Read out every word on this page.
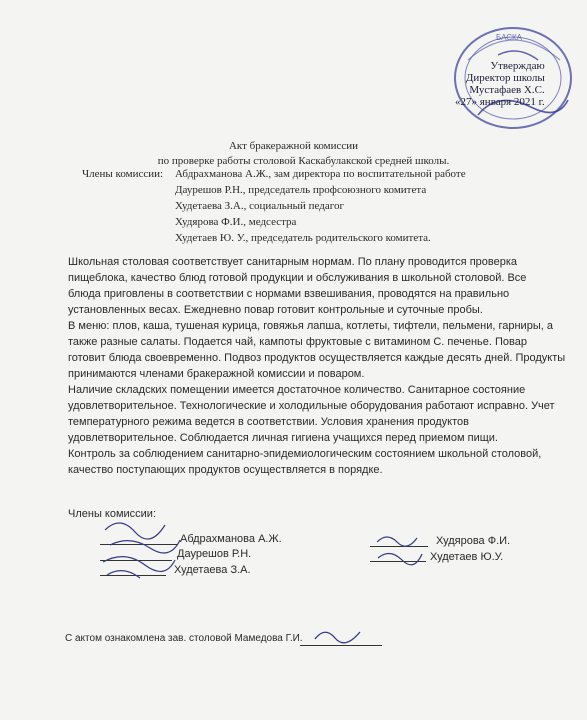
БАСКА
Утверждаю
Директор школы
Мустафаев Х.С.
«27» января 2021 г.
Акт бракеражной комиссии
по проверке работы столовой Каскабулакской средней школы.
Члены комиссии: Абдрахманова А.Ж., зам директора по воспитательной работе
Даурешов Р.Н., председатель профсоюзного комитета
Худетаева З.А., социальный педагог
Худярова Ф.И., медсестра
Худетаев Ю. У., председатель родительского комитета.

Школьная столовая соответствует санитарным нормам. По плану проводится проверка

пищеблока, качество блюд готовой продукции и обслуживания в школьной столовой. Все

блюда приговлены в соответствии с нормами взвешивания, проводятся на правильно

установленных весах. Ежедневно повар готовит контрольные и суточные пробы.

В меню: плов, каша, тушеная курица, говяжья лапша, котлеты, тифтели, пельмени, гарниры, а

также разные салаты. Подается чай, кампоты фруктовые с витамином С. печенье. Повар

готовит блюда своевременно. Подвоз продуктов осуществляется каждые десять дней. Продукты

принимаются членами бракеражной комиссии и поваром.

Наличие складских помещении имеется достаточное количество. Санитарное состояние

удовлетворительное. Технологические и холодильные оборудования работают исправно. Учет

температурного режима ведется в соответствии. Условия хранения продуктов

удовлетворительное. Соблюдается личная гигиена учащихся перед приемом пищи.

Контроль за соблюдением санитарно-эпидемиологическим состоянием школьной столовой,

качество поступающих продуктов осуществляется в порядке.

Члены комиссии:
Абдрахманова А.Ж.
Даурешов Р.Н.
Худетаева З.А.
Худярова Ф.И.
Худетаев Ю.У.
С актом ознакомлена зав. столовой Мамедова Г.И.
